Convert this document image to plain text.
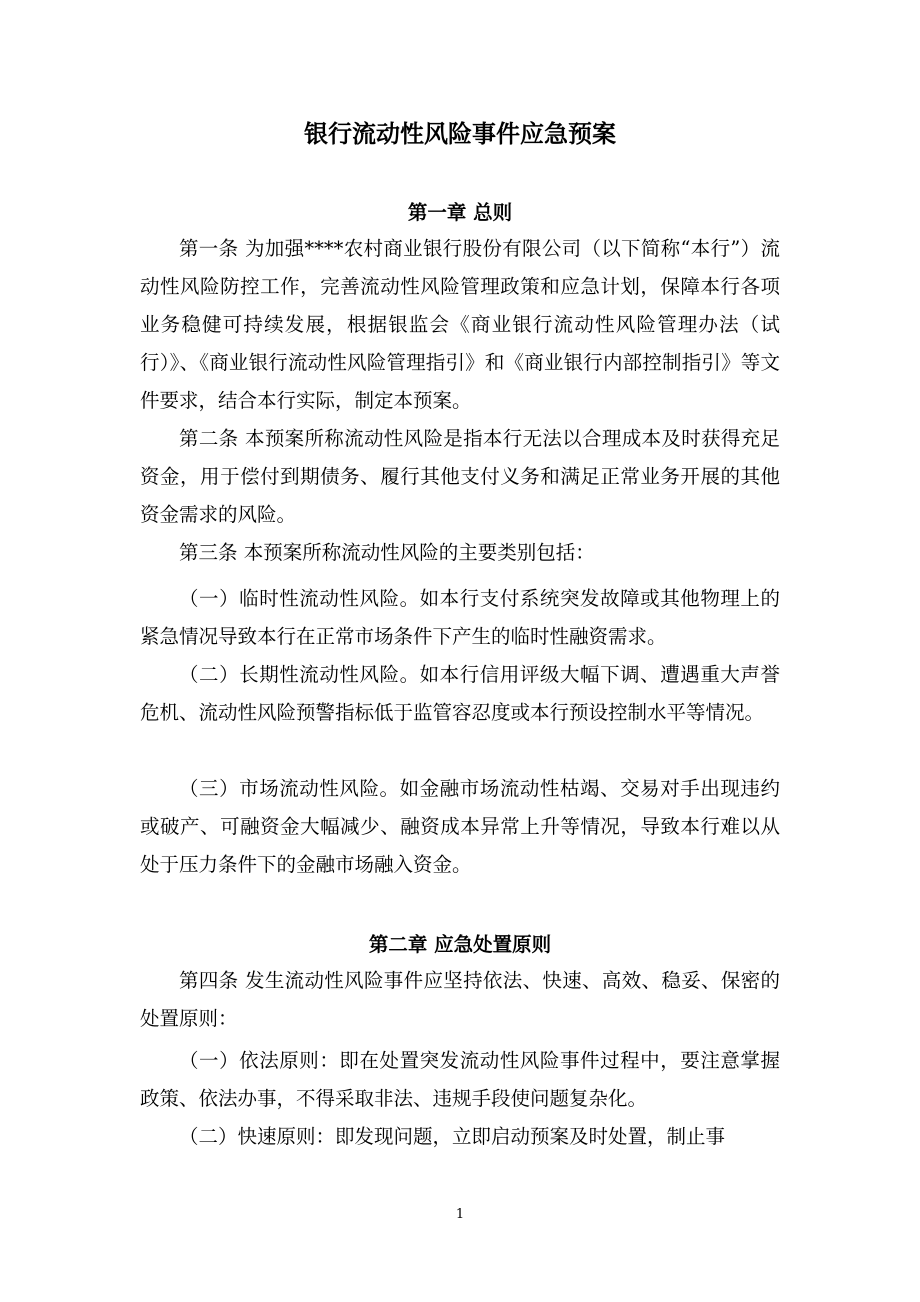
银行流动性风险事件应急预案
第一章 总则

第一条 为加强****农村商业银行股份有限公司（以下简称“本行”）流动性风险防控工作，完善流动性风险管理政策和应急计划，保障本行各项业务稳健可持续发展，根据银监会《商业银行流动性风险管理办法（试行）》、《商业银行流动性风险管理指引》和《商业银行内部控制指引》等文件要求，结合本行实际，制定本预案。

第二条 本预案所称流动性风险是指本行无法以合理成本及时获得充足资金，用于偿付到期债务、履行其他支付义务和满足正常业务开展的其他资金需求的风险。

第三条 本预案所称流动性风险的主要类别包括：

（一）临时性流动性风险。如本行支付系统突发故障或其他物理上的紧急情况导致本行在正常市场条件下产生的临时性融资需求。

（二）长期性流动性风险。如本行信用评级大幅下调、遭遇重大声誉危机、流动性风险预警指标低于监管容忍度或本行预设控制水平等情况。

（三）市场流动性风险。如金融市场流动性枯竭、交易对手出现违约或破产、可融资金大幅减少、融资成本异常上升等情况，导致本行难以从处于压力条件下的金融市场融入资金。

第二章 应急处置原则

第四条 发生流动性风险事件应坚持依法、快速、高效、稳妥、保密的处置原则：

（一）依法原则：即在处置突发流动性风险事件过程中，要注意掌握政策、依法办事，不得采取非法、违规手段使问题复杂化。

（二）快速原则：即发现问题，立即启动预案及时处置，制止事

1
